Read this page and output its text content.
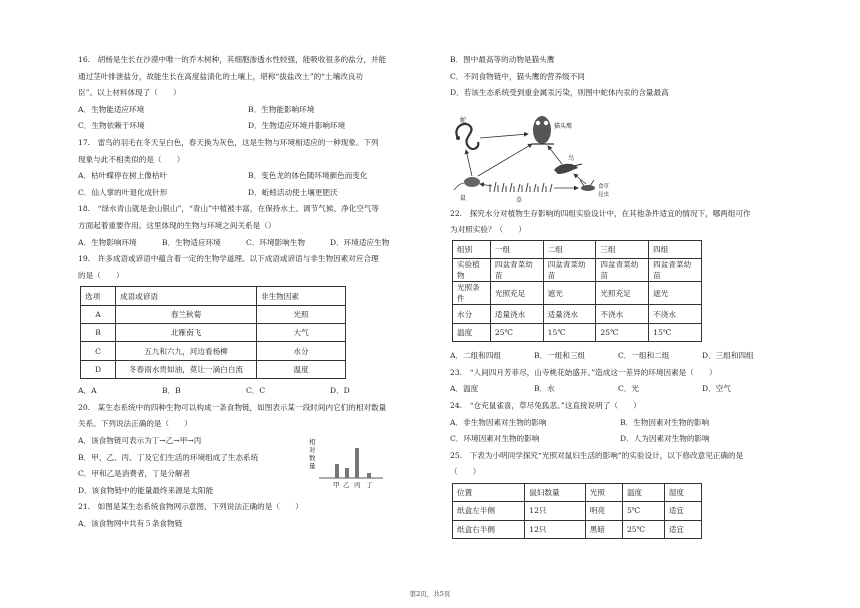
16.　胡杨是生长在沙漠中唯一的乔木树种，其细胞渗透水性较强，能吸收很多的盐分，并能
通过茎叶排泄盐分，故能生长在高度盐渍化的土壤上，堪称“拔盐改土”的“土壤改良功
臣”。以上材料体现了（　　）

A．生物能适应环境	B．生物能影响环境
C．生物依赖于环境	D．生物适应环境并影响环境

17.　雷鸟的羽毛在冬天呈白色，春天换为灰色，这是生物与环境相适应的一种现象。下列
现象与此不相类似的是（　　）

A．枯叶蝶停在树上像枯叶	B．变色龙的体色随环境颜色而变化
C．仙人掌的叶退化成针形	D．蚯蚓活动使土壤更肥沃

18.　“绿水青山就是金山银山”，“青山”中植被丰富，在保持水土、调节气候、净化空气等
方面起着重要作用。这里体现的生物与环境之间关系是（）

A．生物影响环境	B．生物适应环境	C．环境影响生物	D．环境适应生物

19.　许多成语或谚语中蕴含着一定的生物学道理。以下成语或谚语与非生物因素对应合理
的是（　　）

选项	成语或谚语	非生物因素
A	春兰秋菊	光照
B	北雁南飞	大气
C	五九和六九，河边看杨柳	水分
D	冬春雨水贵如油，莫让一滴白白流	温度
A．A	B．B	C．C	D．D

20.　某生态系统中的四种生物可以构成一条食物链，如图表示某一段时间内它们的相对数量
关系。下列说法正确的是（　　）

A．该食物链可表示为丁→乙→甲→丙
B．甲、乙、丙、丁及它们生活的环境组成了生态系统
C．甲和乙是消费者，丁是分解者
D．该食物链中的能量最终来源是太阳能

21.　如图是某生态系统食物网示意图，下列说法正确的是（　　）

A．该食物网中共有５条食物链

相
对
数
量
甲 乙 丙 丁
B．图中最高等的动物是猫头鹰
C．不同食物链中，猫头鹰的营养级不同
D．若该生态系统受到重金属汞污染，则图中蛇体内汞的含量最高

22.　探究水分对植物生存影响的四组实验设计中，在其他条件适宜的情况下，哪两组可作
为对照实验？（　　）

组别	一组	二组	三组	四组
实验植物	四盆青菜幼苗	四盆青菜幼苗	四盆青菜幼苗	四盆青菜幼苗
光照条件	光照充足	遮光	光照充足	遮光
水分	适量浇水	适量浇水	不浇水	不浇水
温度	25℃	15℃	25℃	15℃
A．二组和四组	B．一组和三组	C．一组和二组	D．三组和四组

23.　“人间四月芳菲尽，山寺桃花始盛开。”造成这一差异的环境因素是（　　）

A．温度	B．水	C．光	D．空气

24.　“仓充鼠雀喜，草尽兔狐悲。”这直接说明了（　　）

A．非生物因素对生物的影响	B．生物因素对生物的影响
C．环境因素对生物的影响	D．人为因素对生物的影响

25.　下表为小明同学探究“光照对鼠妇生活的影响”的实验设计，以下修改意见正确的是
（　　）

位置	鼠妇数量	光照	温度	湿度
纸盒左半侧	12只	明亮	5℃	适宜
纸盒右半侧	12只	黑暗	25℃	适宜
蛇
猫头鹰
鸟
鼠	草
食草
昆虫
第2页，共5页
